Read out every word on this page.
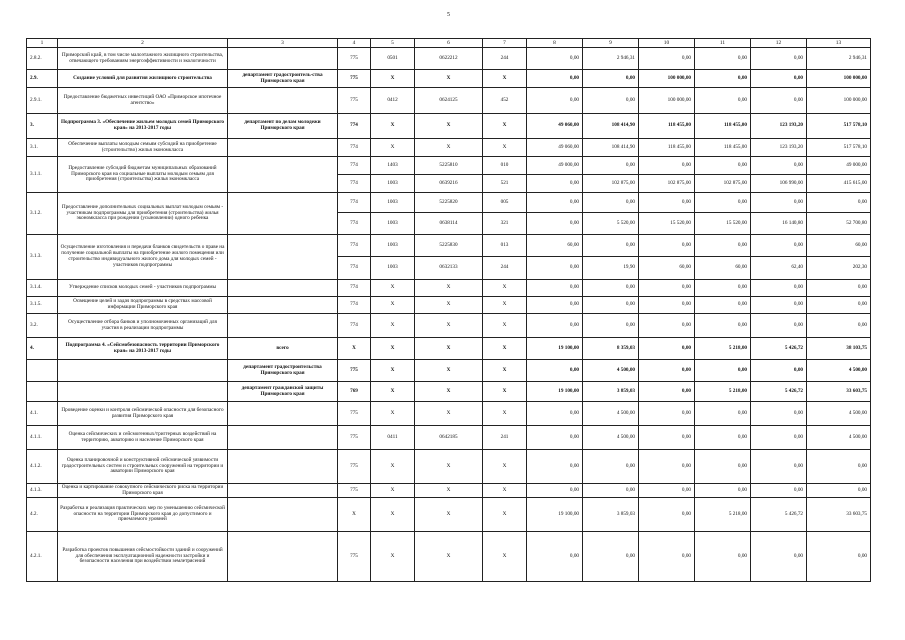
5
1	2	3	4	5	6	7	8	9	10	11	12	13
2.8.2.	Приморский край, в том числе малоэтажного жилищного строительства, отвечающего требованиям энергоэффективности и экологичности		775	0501	0622212	244	0,00	2 946,31	0,00	0,00	0,00	2 946,31
2.9.	Создание условий для развития жилищного строительства	департамент градостроитель-ства Приморского края	775	X	X	X	0,00	0,00	100 000,00	0,00	0,00	100 000,00
2.9.1.	Предоставление бюджетных инвестиций ОАО «Приморское ипотечное агентство»		775	0412	0624125	452	0,00	0,00	100 000,00	0,00	0,00	100 000,00
3.	Подпрограмма 3. «Обеспечение жильем молодых семей Приморского края» на 2013-2017 годы	департамент по делам молодежи Приморского края	774	X	X	X	49 060,00	108 414,90	118 455,00	118 455,00	123 193,20	517 578,10
3.1.	Обеспечение выплаты молодым семьям субсидий на приобретение (строительство) жилья экономкласса		774	X	X	X	49 060,00	108 414,90	118 455,00	118 455,00	123 193,20	517 578,10
3.1.1.	Предоставление субсидий бюджетам муниципальных образований Приморского края на социальные выплаты молодым семьям для приобретения (строительства) жилья экономкласса		774	1403	5225810	010	49 000,00	0,00	0,00	0,00	0,00	49 000,00
			774	1003	0639216	521	0,00	102 875,00	102 875,00	102 875,00	106 990,00	415 615,00
3.1.2.	Предоставление дополнительных социальных выплат молодым семьям - участникам подпрограммы для приобретения (строительства) жилья экономкласса при рождении (усыновлении) одного ребенка		774	1003	5225820	005	0,00	0,00	0,00	0,00	0,00	0,00
			774	1003	0638114	321	0,00	5 520,00	15 520,00	15 520,00	16 140,80	52 700,80
3.1.3.	Осуществление изготовления и передачи бланков свидетельств о праве на получение социальной выплаты на приобретение жилого помещения или строительство индивидуального жилого дома для молодых семей - участников подпрограммы		774	1003	5225830	013	60,00	0,00	0,00	0,00	0,00	60,00
			774	1003	0632133	244	0,00	19,90	60,00	60,00	62,40	202,30
3.1.4.	Утверждение списков молодых семей - участников подпрограммы		774	X	X	X	0,00	0,00	0,00	0,00	0,00	0,00
3.1.5.	Освещение целей и задач подпрограммы в средствах массовой информации Приморского края		774	X	X	X	0,00	0,00	0,00	0,00	0,00	0,00
3.2.	Осуществление отбора банков и уполномоченных организаций для участия в реализации подпрограммы		774	X	X	X	0,00	0,00	0,00	0,00	0,00	0,00
4.	Подпрограмма 4. «Сейсмобезопасность территории Приморского края» на 2013-2017 годы	всего	X	X	X	X	19 100,00	8 359,03	0,00	5 218,00	5 426,72	38 103,75
		департамент градостроительства Приморского края	775	X	X	X	0,00	4 500,00	0,00	0,00	0,00	4 500,00
		департамент гражданской защиты Приморского края	769	X	X	X	19 100,00	3 859,03	0,00	5 218,00	5 426,72	33 603,75
4.1.	Проведение оценки и контроля сейсмической опасности для безопасного развития Приморского края		775	X	X	X	0,00	4 500,00	0,00	0,00	0,00	4 500,00
4.1.1.	Оценка сейсмических и сейсмогенных/триггерных воздействий на территорию, акваторию и население Приморского края		775	0411	0642185	241	0,00	4 500,00	0,00	0,00	0,00	4 500,00
4.1.2.	Оценка планировочной и конструктивной сейсмической уязвимости градостроительных систем и строительных сооружений на территории и акватории Приморского края		775	X	X	X	0,00	0,00	0,00	0,00	0,00	0,00
4.1.3.	Оценка и картирование совокупного сейсмического риска на территории Приморского края		775	X	X	X	0,00	0,00	0,00	0,00	0,00	0,00
4.2.	Разработка и реализация практических мер по уменьшению сейсмической опасности на территории Приморского края до допустимого и приемлемого уровней		X	X	X	X	19 100,00	3 859,03	0,00	5 218,00	5 426,72	33 603,75
4.2.1.	Разработка проектов повышения сейсмостойкости зданий и сооружений для обеспечения эксплуатационной надежности застройки и безопасности населения при воздействии землетрясений		775	X	X	X	0,00	0,00	0,00	0,00	0,00	0,00
